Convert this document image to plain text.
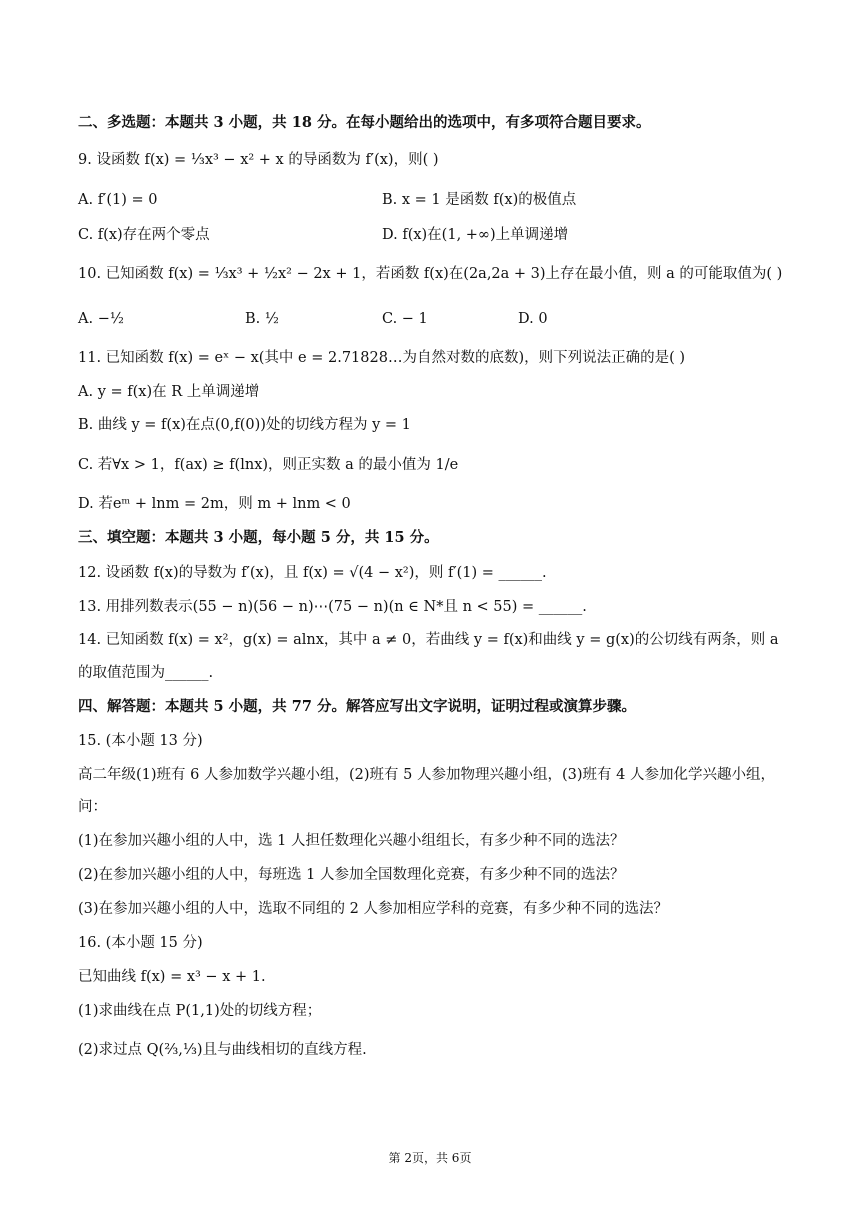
二、多选题：本题共 3 小题，共 18 分。在每小题给出的选项中，有多项符合题目要求。
9. 设函数 f(x) = ⅓x³ − x² + x 的导函数为 f′(x)，则( )
A. f′(1) = 0	B. x = 1 是函数 f(x)的极值点
C. f(x)存在两个零点	D. f(x)在(1, +∞)上单调递增
10. 已知函数 f(x) = ⅓x³ + ½x² − 2x + 1，若函数 f(x)在(2a,2a + 3)上存在最小值，则 a 的可能取值为( )
A. −½	B. ½	C. − 1	D. 0
11. 已知函数 f(x) = eˣ − x(其中 e = 2.71828…为自然对数的底数)，则下列说法正确的是( )
A. y = f(x)在 R 上单调递增
B. 曲线 y = f(x)在点(0,f(0))处的切线方程为 y = 1
C. 若∀x > 1，f(ax) ≥ f(lnx)，则正实数 a 的最小值为 1/e
D. 若eᵐ + lnm = 2m，则 m + lnm < 0
三、填空题：本题共 3 小题，每小题 5 分，共 15 分。
12. 设函数 f(x)的导数为 f′(x)，且 f(x) = √(4 − x²)，则 f′(1) = ______.
13. 用排列数表示(55 − n)(56 − n)⋯(75 − n)(n ∈ N*且 n < 55) = ______.
14. 已知函数 f(x) = x²，g(x) = alnx，其中 a ≠ 0，若曲线 y = f(x)和曲线 y = g(x)的公切线有两条，则 a
的取值范围为______.
四、解答题：本题共 5 小题，共 77 分。解答应写出文字说明，证明过程或演算步骤。
15. (本小题 13 分)
高二年级(1)班有 6 人参加数学兴趣小组，(2)班有 5 人参加物理兴趣小组，(3)班有 4 人参加化学兴趣小组，
问：
(1)在参加兴趣小组的人中，选 1 人担任数理化兴趣小组组长，有多少种不同的选法？
(2)在参加兴趣小组的人中，每班选 1 人参加全国数理化竞赛，有多少种不同的选法？
(3)在参加兴趣小组的人中，选取不同组的 2 人参加相应学科的竞赛，有多少种不同的选法？
16. (本小题 15 分)
已知曲线 f(x) = x³ − x + 1.
(1)求曲线在点 P(1,1)处的切线方程；
(2)求过点 Q(⅔,⅓)且与曲线相切的直线方程.
第 2页，共 6页
